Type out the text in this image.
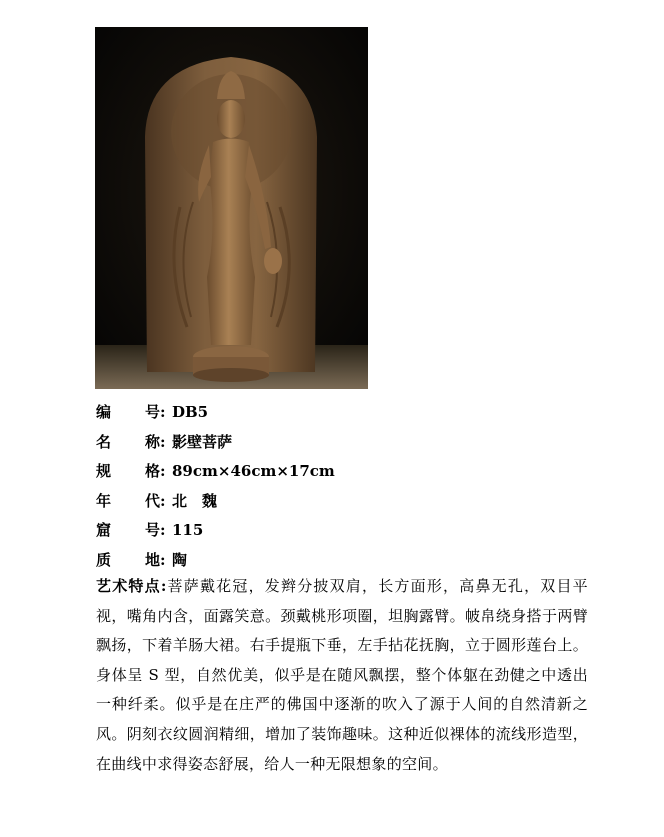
编 号 : DB5
名 称 : 影壁菩萨
规 格 : 89cm×46cm×17cm
年 代 : 北　魏
窟 号 : 115
质 地 : 陶
艺术特点:菩萨戴花冠，发辫分披双肩，长方面形，高鼻无孔，双目平视，嘴角内含，面露笑意。颈戴桃形项圈，坦胸露臂。帔帛绕身搭于两臂飘扬，下着羊肠大裙。右手提瓶下垂，左手拈花抚胸，立于圆形莲台上。身体呈 S 型，自然优美，似乎是在随风飘摆，整个体躯在劲健之中透出一种纤柔。似乎是在庄严的佛国中逐渐的吹入了源于人间的自然清新之风。阴刻衣纹圆润精细，增加了装饰趣味。这种近似裸体的流线形造型，在曲线中求得姿态舒展，给人一种无限想象的空间。
